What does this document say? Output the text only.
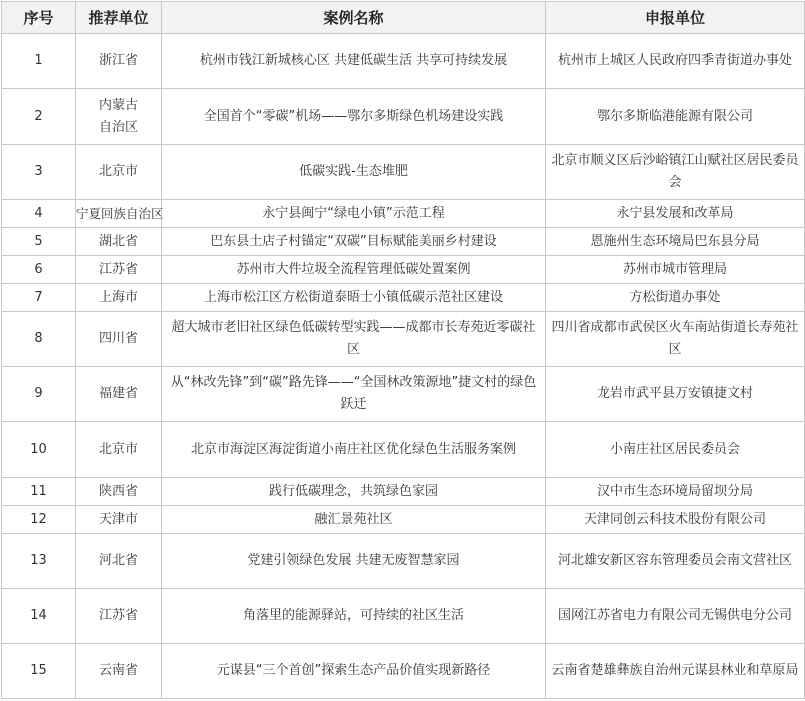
序号	推荐单位	案例名称	申报单位
1	浙江省	杭州市钱江新城核心区 共建低碳生活 共享可持续发展	杭州市上城区人民政府四季青街道办事处
2	内蒙古自治区	全国首个“零碳”机场——鄂尔多斯绿色机场建设实践	鄂尔多斯临港能源有限公司
3	北京市	低碳实践-生态堆肥	北京市顺义区后沙峪镇江山赋社区居民委员会
4	宁夏回族自治区	永宁县闽宁“绿电小镇”示范工程	永宁县发展和改革局
5	湖北省	巴东县土店子村锚定“双碳”目标赋能美丽乡村建设	恩施州生态环境局巴东县分局
6	江苏省	苏州市大件垃圾全流程管理低碳处置案例	苏州市城市管理局
7	上海市	上海市松江区方松街道泰晤士小镇低碳示范社区建设	方松街道办事处
8	四川省	超大城市老旧社区绿色低碳转型实践——成都市长寿苑近零碳社区	四川省成都市武侯区火车南站街道长寿苑社区
9	福建省	从“林改先锋”到“碳”路先锋——“全国林改策源地”捷文村的绿色跃迁	龙岩市武平县万安镇捷文村
10	北京市	北京市海淀区海淀街道小南庄社区优化绿色生活服务案例	小南庄社区居民委员会
11	陕西省	践行低碳理念，共筑绿色家园	汉中市生态环境局留坝分局
12	天津市	融汇景苑社区	天津同创云科技术股份有限公司
13	河北省	党建引领绿色发展 共建无废智慧家园	河北雄安新区容东管理委员会南文营社区
14	江苏省	角落里的能源驿站，可持续的社区生活	国网江苏省电力有限公司无锡供电分公司
15	云南省	元谋县“三个首创”探索生态产品价值实现新路径	云南省楚雄彝族自治州元谋县林业和草原局
